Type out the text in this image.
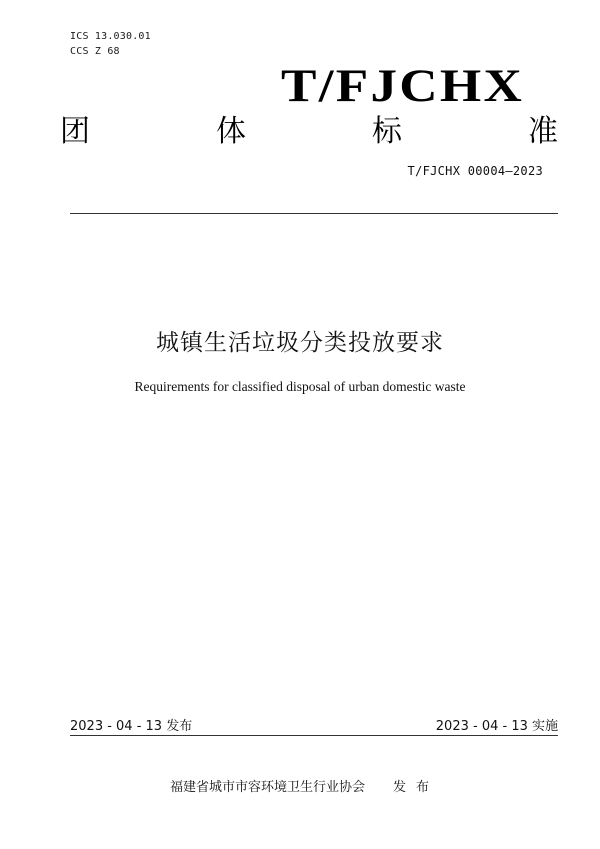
ICS 13.030.01
CCS Z 68
T/FJCHX
团	体	标	准
T/FJCHX 00004—2023
城镇生活垃圾分类投放要求
Requirements for classified disposal of urban domestic waste
2023 - 04 - 13 发布	2023 - 04 - 13 实施
福建省城市市容环境卫生行业协会 发布
